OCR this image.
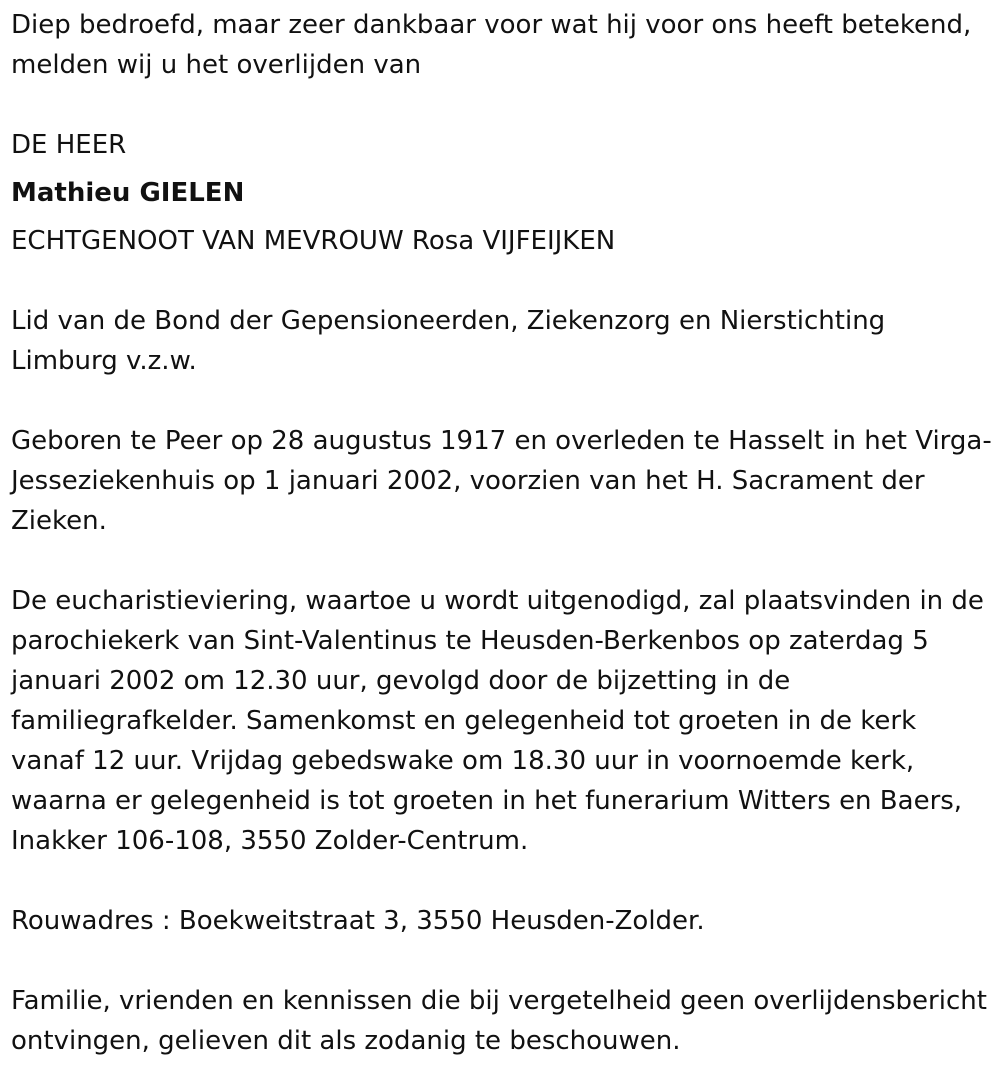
Diep bedroefd, maar zeer dankbaar voor wat hij voor ons heeft betekend, melden wij u het overlijden van

DE HEER

Mathieu GIELEN

ECHTGENOOT VAN MEVROUW Rosa VIJFEIJKEN

Lid van de Bond der Gepensioneerden, Ziekenzorg en Nierstichting Limburg v.z.w.

Geboren te Peer op 28 augustus 1917 en overleden te Hasselt in het Virga-Jesseziekenhuis op 1 januari 2002, voorzien van het H. Sacrament der Zieken.

De eucharistieviering, waartoe u wordt uitgenodigd, zal plaatsvinden in de parochiekerk van Sint-Valentinus te Heusden-Berkenbos op zaterdag 5 januari 2002 om 12.30 uur, gevolgd door de bijzetting in de familiegrafkelder. Samenkomst en gelegenheid tot groeten in de kerk vanaf 12 uur. Vrijdag gebedswake om 18.30 uur in voornoemde kerk, waarna er gelegenheid is tot groeten in het funerarium Witters en Baers, Inakker 106-108, 3550 Zolder-Centrum.

Rouwadres : Boekweitstraat 3, 3550 Heusden-Zolder.

Familie, vrienden en kennissen die bij vergetelheid geen overlijdensbericht ontvingen, gelieven dit als zodanig te beschouwen.
